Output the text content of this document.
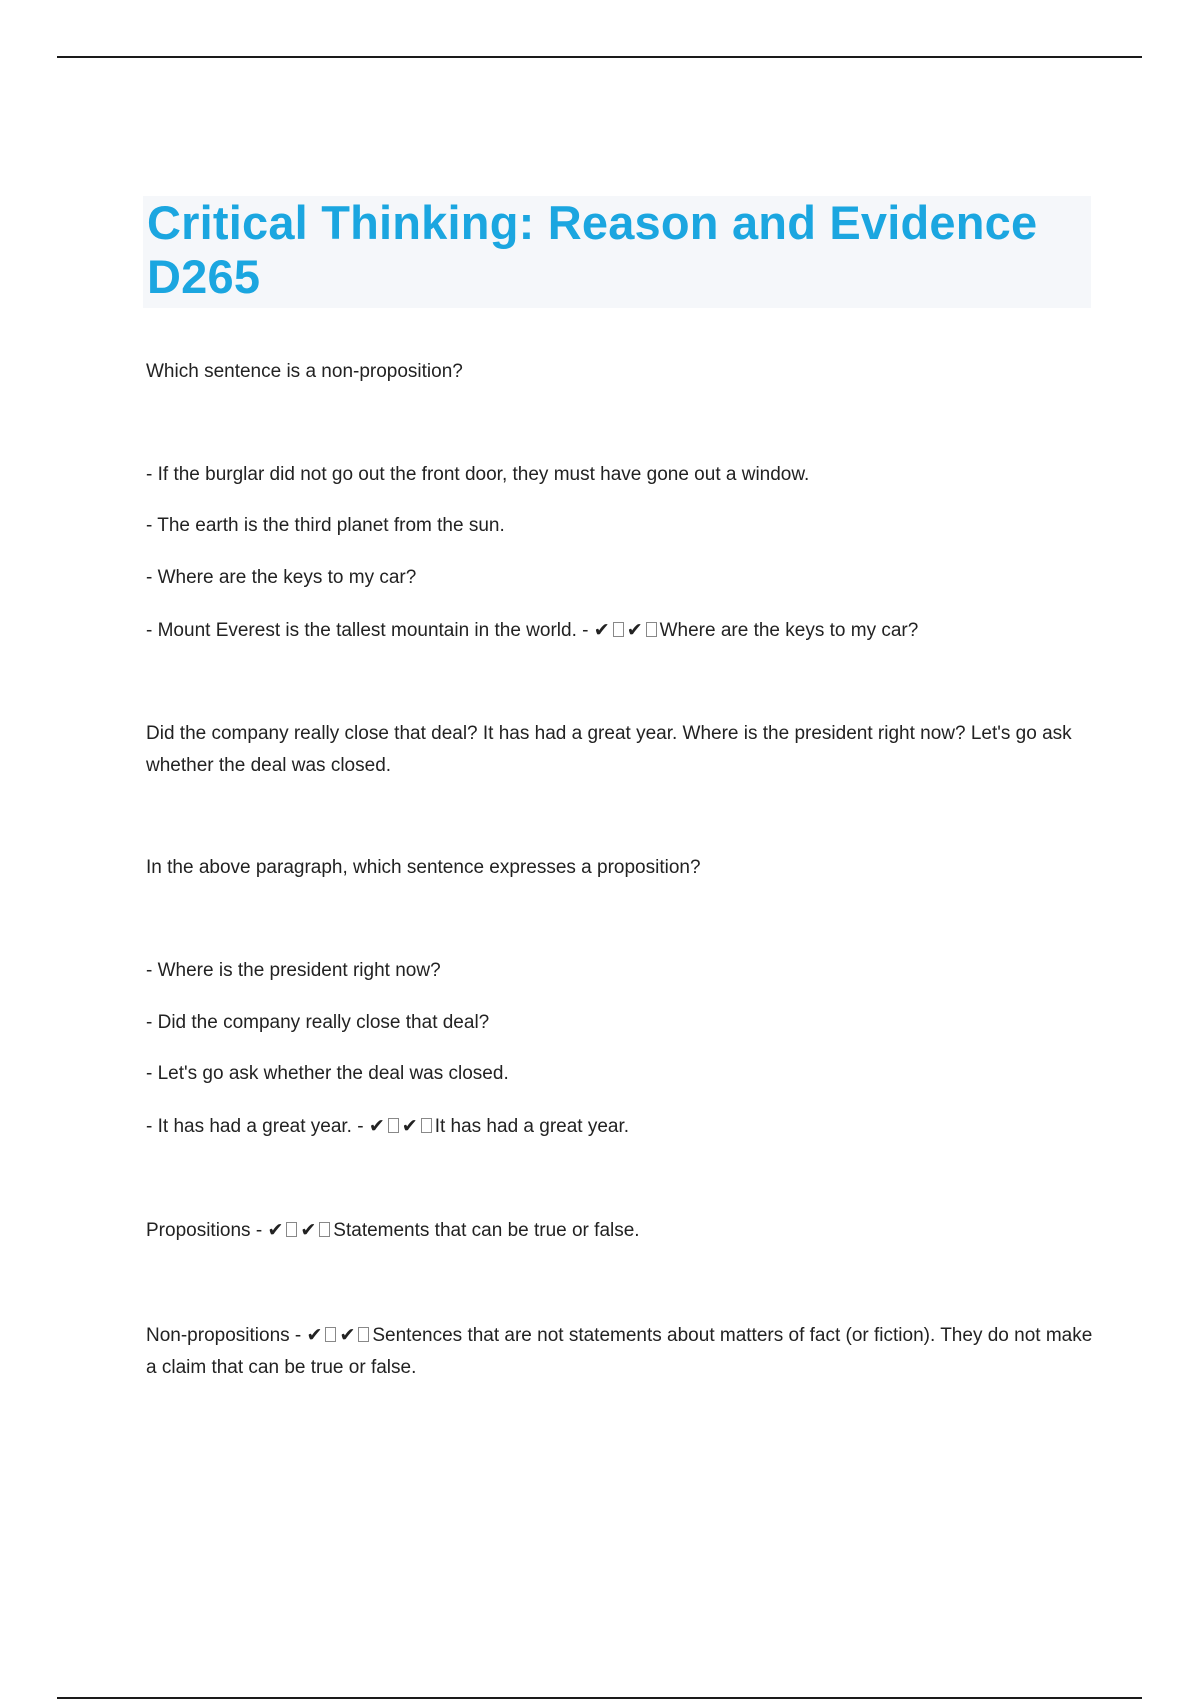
Critical Thinking: Reason and Evidence D265
Which sentence is a non-proposition?
- If the burglar did not go out the front door, they must have gone out a window.
- The earth is the third planet from the sun.
- Where are the keys to my car?
- Mount Everest is the tallest mountain in the world. - ✔ ✔ Where are the keys to my car?
Did the company really close that deal? It has had a great year. Where is the president right now? Let's go ask whether the deal was closed.
In the above paragraph, which sentence expresses a proposition?
- Where is the president right now?
- Did the company really close that deal?
- Let's go ask whether the deal was closed.
- It has had a great year. - ✔ ✔ It has had a great year.
Propositions - ✔ ✔ Statements that can be true or false.
Non-propositions - ✔ ✔ Sentences that are not statements about matters of fact (or fiction). They do not make a claim that can be true or false.
